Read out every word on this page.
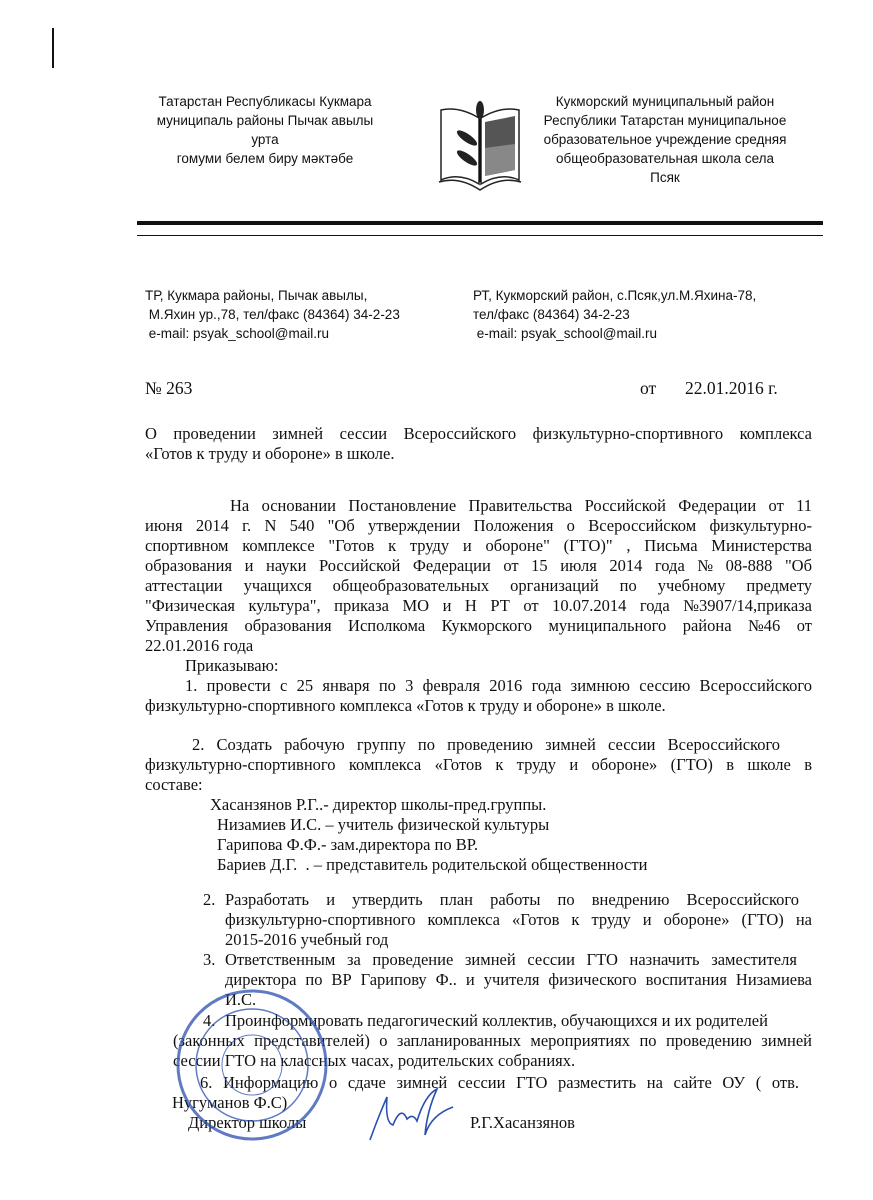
Татарстан Республикасы Кукмара
муниципаль районы Пычак авылы урта
гомуми белем биру мәктәбе
Кукморский муниципальный район
Республики Татарстан муниципальное
образовательное учреждение средняя
общеобразовательная школа села Псяк
ТР, Кукмара районы, Пычак авылы,
М.Яхин ур.,78, тел/факс (84364) 34-2-23
e-mail: psyak_school@mail.ru
РТ, Кукморский район, с.Псяк,ул.М.Яхина-78,
тел/факс (84364) 34-2-23
e-mail: psyak_school@mail.ru
№ 263	от 22.01.2016 г.
О проведении зимней сессии Всероссийского физкультурно-спортивного комплекса
«Готов к труду и обороне» в школе.
На основании Постановление Правительства Российской Федерации от 11
июня 2014 г. N 540 "Об утверждении Положения о Всероссийском физкультурно-
спортивном комплексе "Готов к труду и обороне" (ГТО)" , Письма Министерства
образования и науки Российской Федерации от 15 июля 2014 года № 08-888 "Об
аттестации учащихся общеобразовательных организаций по учебному предмету
"Физическая культура", приказа МО и Н РТ от 10.07.2014 года №3907/14,приказа
Управления образования Исполкома Кукморского муниципального района №46 от
22.01.2016 года
Приказываю:
1. провести с 25 января по 3 февраля 2016 года зимнюю сессию Всероссийского
физкультурно-спортивного комплекса «Готов к труду и обороне» в школе.
2. Создать рабочую группу по проведению зимней сессии Всероссийского
физкультурно-спортивного комплекса «Готов к труду и обороне» (ГТО) в школе в
составе:
Хасанзянов Р.Г..- директор школы-пред.группы.
Низамиев И.С. – учитель физической культуры
Гарипова Ф.Ф.- зам.директора по ВР.
Бариев Д.Г.  . – представитель родительской общественности
2. Разработать и утвердить план работы по внедрению Всероссийского
физкультурно-спортивного комплекса «Готов к труду и обороне» (ГТО) на
2015-2016 учебный год
3. Ответственным за проведение зимней сессии ГТО назначить заместителя
директора по ВР Гарипову Ф.. и учителя физического воспитания Низамиева
И.С.
4. Проинформировать педагогический коллектив, обучающихся и их родителей
(законных представителей) о запланированных мероприятиях по проведению зимней
сессии ГТО на классных часах, родительских собраниях.
6. Информацию о сдаче зимней сессии ГТО разместить на сайте ОУ ( отв.
Нугуманов Ф.С)
Директор школы	Р.Г.Хасанзянов
